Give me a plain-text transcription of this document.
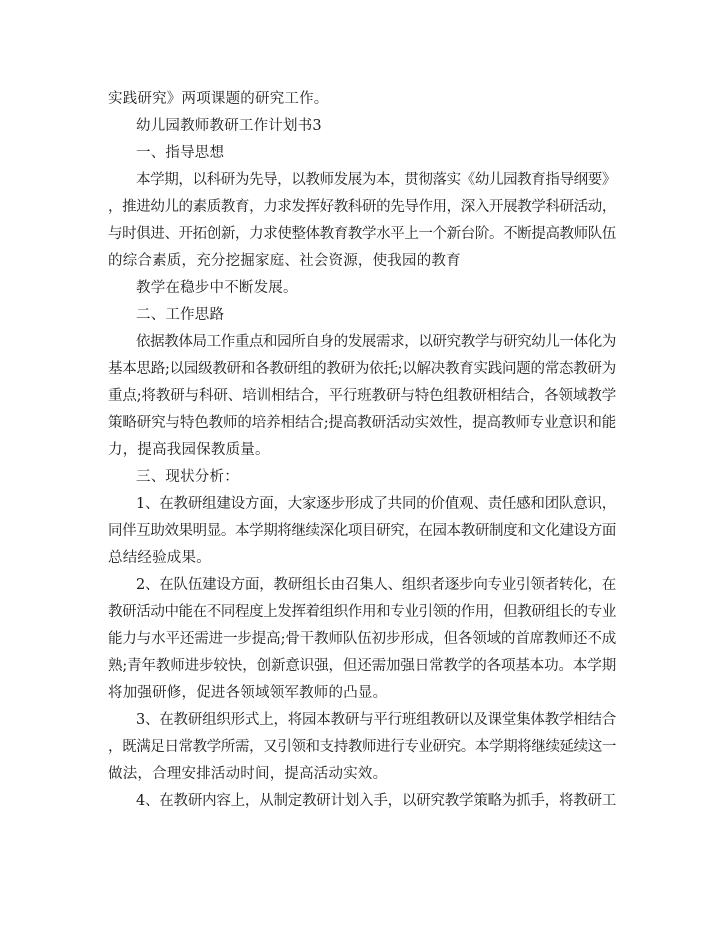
实践研究》两项课题的研究工作。
幼儿园教师教研工作计划书3
一、指导思想
本学期，以科研为先导，以教师发展为本，贯彻落实《幼儿园教育指导纲要》
，推进幼儿的素质教育，力求发挥好教科研的先导作用，深入开展教学科研活动，
与时俱进、开拓创新，力求使整体教育教学水平上一个新台阶。不断提高教师队伍
的综合素质，充分挖掘家庭、社会资源，使我园的教育
教学在稳步中不断发展。
二、工作思路
依据教体局工作重点和园所自身的发展需求，以研究教学与研究幼儿一体化为
基本思路;以园级教研和各教研组的教研为依托;以解决教育实践问题的常态教研为
重点;将教研与科研、培训相结合，平行班教研与特色组教研相结合，各领域教学
策略研究与特色教师的培养相结合;提高教研活动实效性，提高教师专业意识和能
力，提高我园保教质量。
三、现状分析：
1、在教研组建设方面，大家逐步形成了共同的价值观、责任感和团队意识，
同伴互助效果明显。本学期将继续深化项目研究，在园本教研制度和文化建设方面
总结经验成果。
2、在队伍建设方面，教研组长由召集人、组织者逐步向专业引领者转化，在
教研活动中能在不同程度上发挥着组织作用和专业引领的作用，但教研组长的专业
能力与水平还需进一步提高;骨干教师队伍初步形成，但各领域的首席教师还不成
熟;青年教师进步较快，创新意识强，但还需加强日常教学的各项基本功。本学期
将加强研修，促进各领域领军教师的凸显。
3、在教研组织形式上，将园本教研与平行班组教研以及课堂集体教学相结合
，既满足日常教学所需，又引领和支持教师进行专业研究。本学期将继续延续这一
做法，合理安排活动时间，提高活动实效。
4、在教研内容上，从制定教研计划入手，以研究教学策略为抓手，将教研工
